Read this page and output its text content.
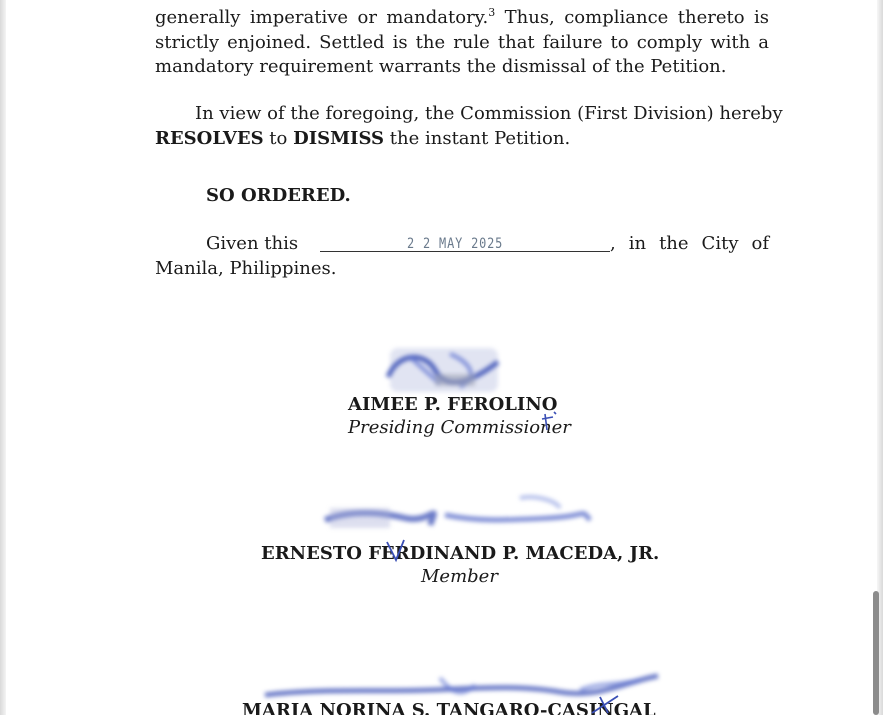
generally imperative or mandatory.$^3$ Thus, compliance thereto is
strictly enjoined. Settled is the rule that failure to comply with a
mandatory requirement warrants the dismissal of the Petition.
In view of the foregoing, the Commission (First Division) hereby
RESOLVES to DISMISS the instant Petition.
SO ORDERED.
Given this	2 2 MAY 2025	, in the City of
Manila, Philippines.
AIMEE P. FEROLINO
Presiding Commissioner
ERNESTO FERDINAND P. MACEDA, JR.
Member
MARIA NORINA S. TANGARO-CASINGAL
